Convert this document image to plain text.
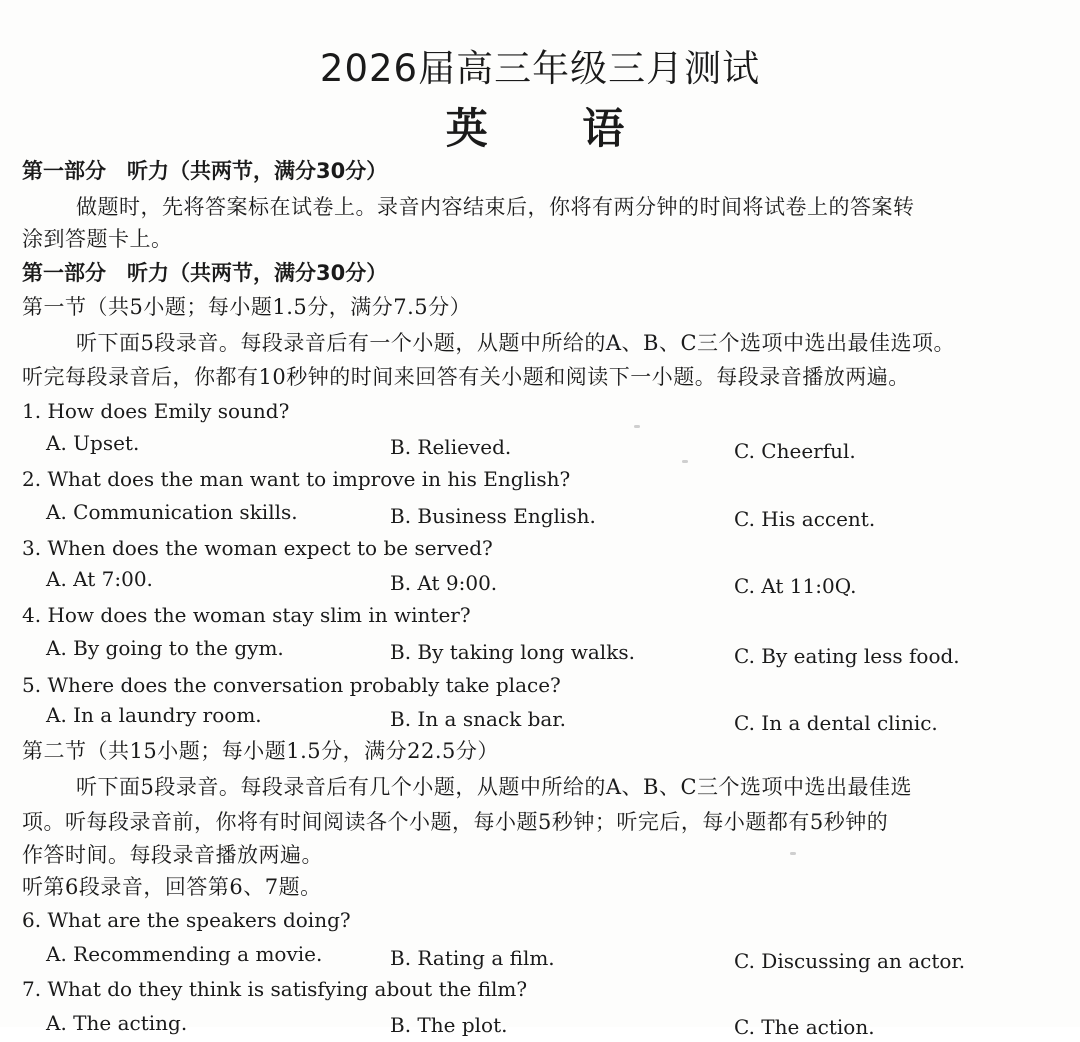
2026届高三年级三月测试
英 语
第一部分　听力（共两节，满分30分）
做题时，先将答案标在试卷上。录音内容结束后，你将有两分钟的时间将试卷上的答案转
涂到答题卡上。
第一部分　听力（共两节，满分30分）
第一节（共5小题；每小题1.5分，满分7.5分）
听下面5段录音。每段录音后有一个小题，从题中所给的A、B、C三个选项中选出最佳选项。
听完每段录音后，你都有10秒钟的时间来回答有关小题和阅读下一小题。每段录音播放两遍。
1. How does Emily sound?
A. Upset.	B. Relieved.	C. Cheerful.
2. What does the man want to improve in his English?
A. Communication skills.	B. Business English.	C. His accent.
3. When does the woman expect to be served?
A. At 7:00.	B. At 9:00.	C. At 11:0Q.
4. How does the woman stay slim in winter?
A. By going to the gym.	B. By taking long walks.	C. By eating less food.
5. Where does the conversation probably take place?
A. In a laundry room.	B. In a snack bar.	C. In a dental clinic.
第二节（共15小题；每小题1.5分，满分22.5分）
听下面5段录音。每段录音后有几个小题，从题中所给的A、B、C三个选项中选出最佳选
项。听每段录音前，你将有时间阅读各个小题，每小题5秒钟；听完后，每小题都有5秒钟的
作答时间。每段录音播放两遍。
听第6段录音，回答第6、7题。
6. What are the speakers doing?
A. Recommending a movie.	B. Rating a film.	C. Discussing an actor.
7. What do they think is satisfying about the film?
A. The acting.	B. The plot.	C. The action.
